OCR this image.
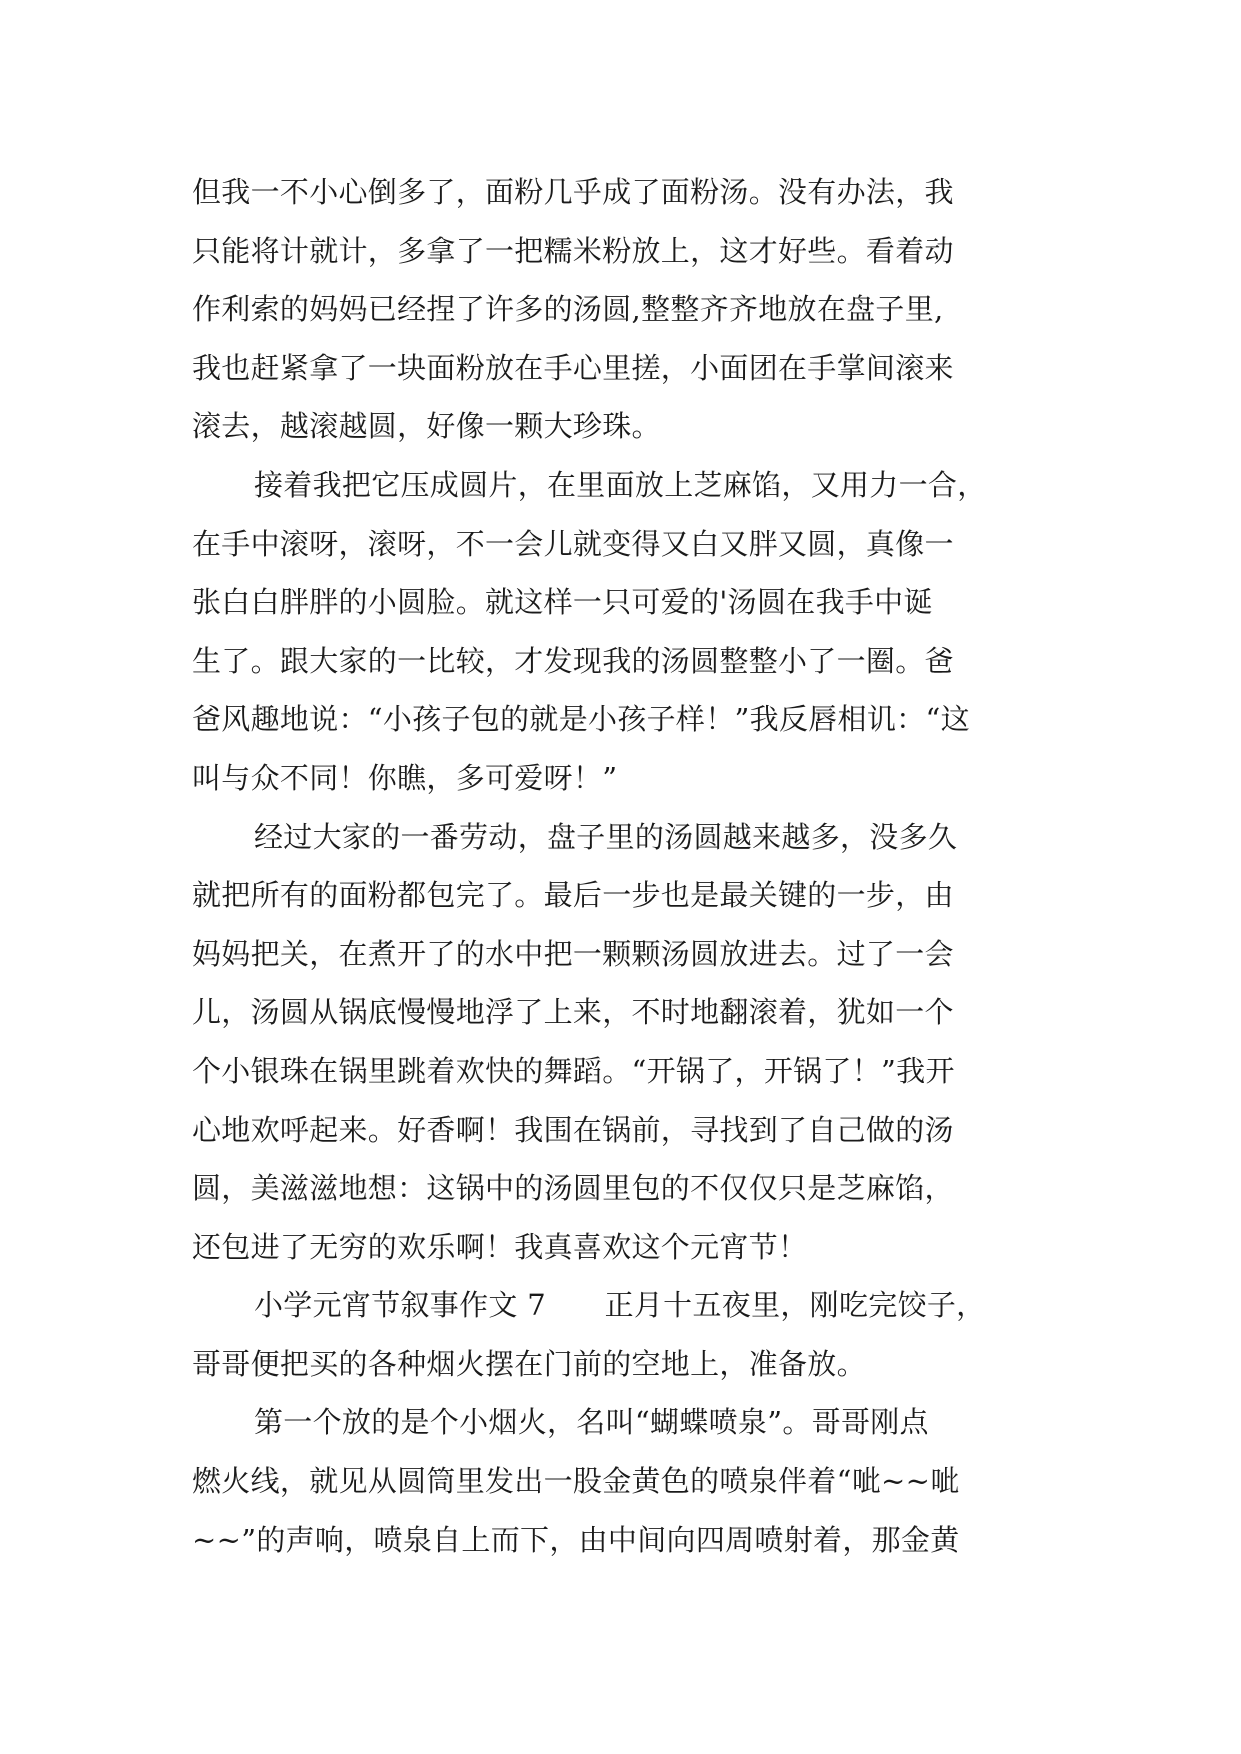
但我一不小心倒多了，面粉几乎成了面粉汤。没有办法，我
只能将计就计，多拿了一把糯米粉放上，这才好些。看着动
作利索的妈妈已经捏了许多的汤圆,整整齐齐地放在盘子里,
我也赶紧拿了一块面粉放在手心里搓，小面团在手掌间滚来
滚去，越滚越圆，好像一颗大珍珠。
接着我把它压成圆片，在里面放上芝麻馅，又用力一合，
在手中滚呀，滚呀，不一会儿就变得又白又胖又圆，真像一
张白白胖胖的小圆脸。就这样一只可爱的'汤圆在我手中诞
生了。跟大家的一比较，才发现我的汤圆整整小了一圈。爸
爸风趣地说：“小孩子包的就是小孩子样！”我反唇相讥：“这
叫与众不同！你瞧，多可爱呀！”
经过大家的一番劳动，盘子里的汤圆越来越多，没多久
就把所有的面粉都包完了。最后一步也是最关键的一步，由
妈妈把关，在煮开了的水中把一颗颗汤圆放进去。过了一会
儿，汤圆从锅底慢慢地浮了上来，不时地翻滚着，犹如一个
个小银珠在锅里跳着欢快的舞蹈。“开锅了，开锅了！”我开
心地欢呼起来。好香啊！我围在锅前，寻找到了自己做的汤
圆，美滋滋地想：这锅中的汤圆里包的不仅仅只是芝麻馅，
还包进了无穷的欢乐啊！我真喜欢这个元宵节！
小学元宵节叙事作文 7　　正月十五夜里，刚吃完饺子，
哥哥便把买的各种烟火摆在门前的空地上，准备放。
第一个放的是个小烟火，名叫“蝴蝶喷泉”。哥哥刚点
燃火线，就见从圆筒里发出一股金黄色的喷泉伴着“呲~~呲
~~”的声响，喷泉自上而下，由中间向四周喷射着，那金黄
